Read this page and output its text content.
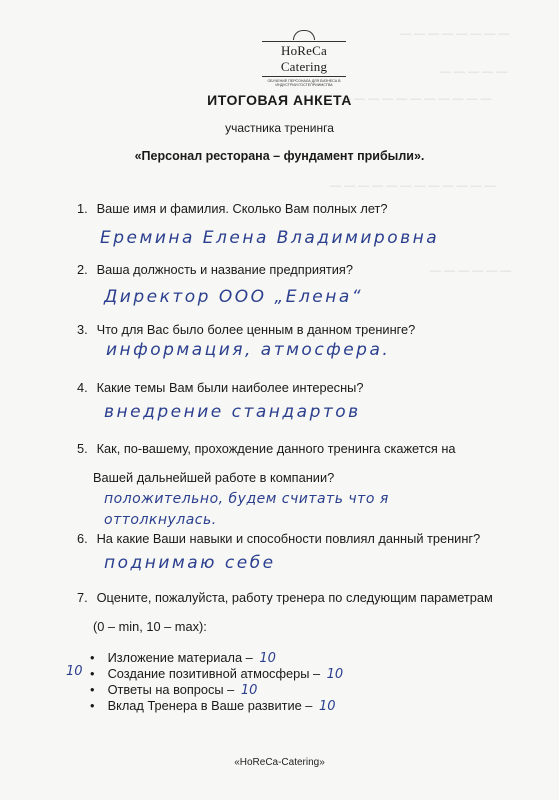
— — — — — — — —
— — — — —
— — — — — — — — — — —
— — — — — — — — — — — —
— — — — — —
HoReCa Catering
ОБУЧЕНИЕ ПЕРСОНАЛА ДЛЯ БИЗНЕСА В ИНДУСТРИИ ГОСТЕПРИИМСТВА
ИТОГОВАЯ АНКЕТА
участника тренинга
«Персонал ресторана – фундамент прибыли».
1. Ваше имя и фамилия. Сколько Вам полных лет?
Еремина Елена Владимировна
2. Ваша должность и название предприятия?
Директор ООО „Елена“
3. Что для Вас было более ценным в данном тренинге?
информация, атмосфера.
4. Какие темы Вам были наиболее интересны?
внедрение стандартов
5. Как, по-вашему, прохождение данного тренинга скажется на
Вашей дальнейшей работе в компании?
положительно, будем считать что я
оттолкнулась.
6. На какие Ваши навыки и способности повлиял данный тренинг?
поднимаю себе
7. Оцените, пожалуйста, работу тренера по следующим параметрам
(0 – min, 10 – max):
10
• Изложение материала – 10
• Создание позитивной атмосферы – 10
• Ответы на вопросы – 10
• Вклад Тренера в Ваше развитие – 10
«HoReCa-Catering»
